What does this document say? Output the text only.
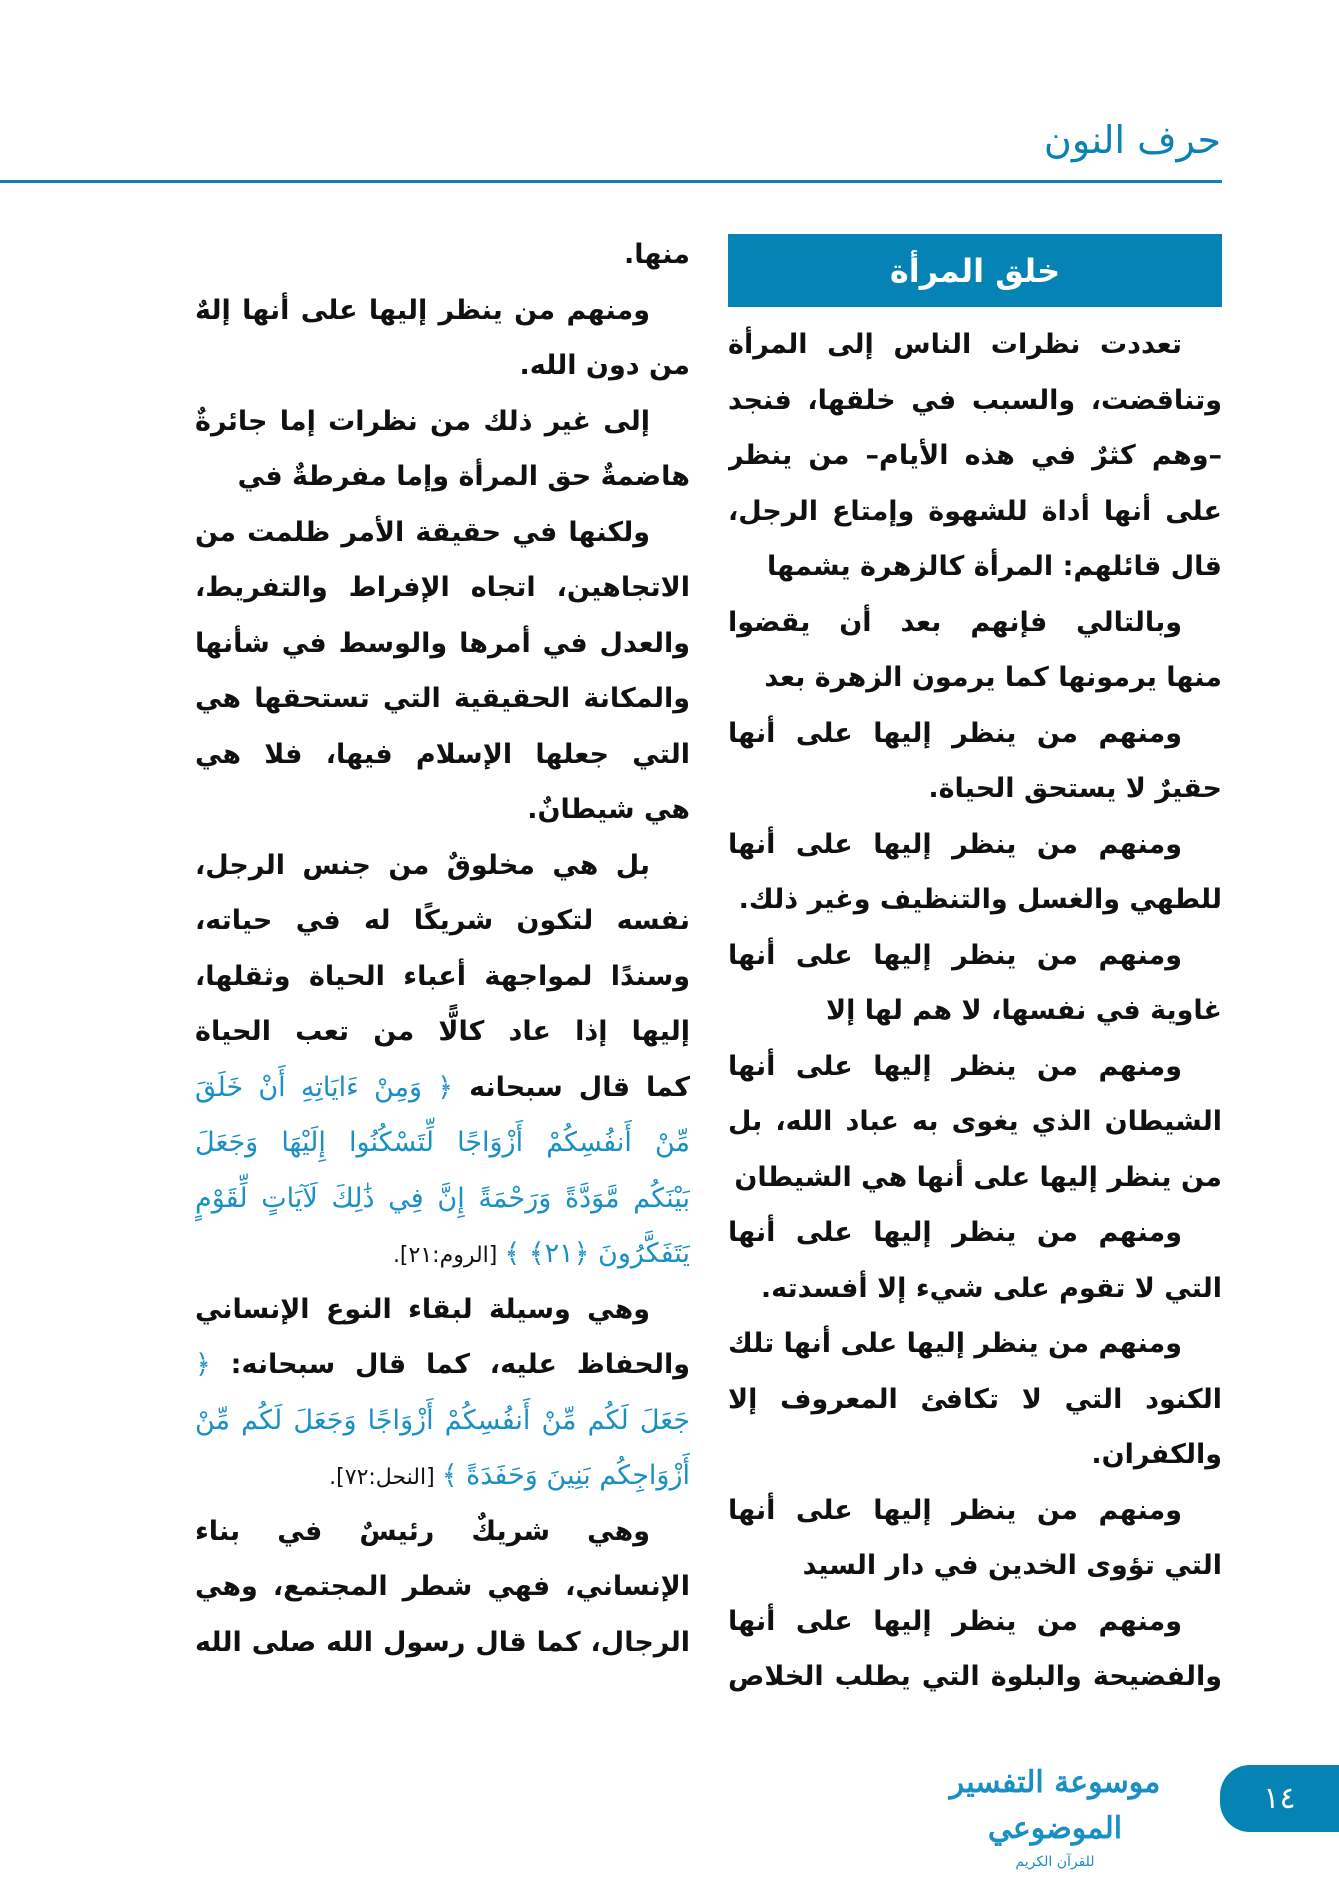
حرف النون
خلق المرأة
تعددت نظرات الناس إلى المرأة
وتناقضت، والسبب في خلقها، فنجد
–وهم كثرٌ في هذه الأيام– من ينظر
على أنها أداة للشهوة وإمتاع الرجل،
قال قائلهم: المرأة كالزهرة يشمها
وبالتالي فإنهم بعد أن يقضوا
منها يرمونها كما يرمون الزهرة بعد
ومنهم من ينظر إليها على أنها
حقيرٌ لا يستحق الحياة.
ومنهم من ينظر إليها على أنها
للطهي والغسل والتنظيف وغير ذلك.
ومنهم من ينظر إليها على أنها
غاوية في نفسها، لا هم لها إلا
ومنهم من ينظر إليها على أنها
الشيطان الذي يغوى به عباد الله، بل
من ينظر إليها على أنها هي الشيطان
ومنهم من ينظر إليها على أنها
التي لا تقوم على شيء إلا أفسدته.
ومنهم من ينظر إليها على أنها تلك
الكنود التي لا تكافئ المعروف إلا
والكفران.
ومنهم من ينظر إليها على أنها
التي تؤوى الخدين في دار السيد
ومنهم من ينظر إليها على أنها
والفضيحة والبلوة التي يطلب الخلاص
منها.
ومنهم من ينظر إليها على أنها إلهٌ
من دون الله.
إلى غير ذلك من نظرات إما جائرةٌ
هاضمةٌ حق المرأة وإما مفرطةٌ في
ولكنها في حقيقة الأمر ظلمت من
الاتجاهين، اتجاه الإفراط والتفريط،
والعدل في أمرها والوسط في شأنها
والمكانة الحقيقية التي تستحقها هي
التي جعلها الإسلام فيها، فلا هي
هي شيطانٌ.
بل هي مخلوقٌ من جنس الرجل،
نفسه لتكون شريكًا له في حياته،
وسندًا لمواجهة أعباء الحياة وثقلها،
إليها إذا عاد كالًّا من تعب الحياة
كما قال سبحانه ﴿ وَمِنْ ءَايَاتِهِ أَنْ خَلَقَ
مِّنْ أَنفُسِكُمْ أَزْوَاجًا لِّتَسْكُنُوا إِلَيْهَا وَجَعَلَ
بَيْنَكُم مَّوَدَّةً وَرَحْمَةً إِنَّ فِي ذَٰلِكَ لَآيَاتٍ لِّقَوْمٍ
يَتَفَكَّرُونَ ﴿٢١﴾ ﴾ [الروم:٢١].
وهي وسيلة لبقاء النوع الإنساني
والحفاظ عليه، كما قال سبحانه: ﴿
جَعَلَ لَكُم مِّنْ أَنفُسِكُمْ أَزْوَاجًا وَجَعَلَ لَكُم مِّنْ
أَزْوَاجِكُم بَنِينَ وَحَفَدَةً ﴾ [النحل:٧٢].
وهي شريكٌ رئيسٌ في بناء
الإنساني، فهي شطر المجتمع، وهي
الرجال، كما قال رسول الله صلى الله
موسوعة التفسير الموضوعي
للقرآن الكريم
١٤
